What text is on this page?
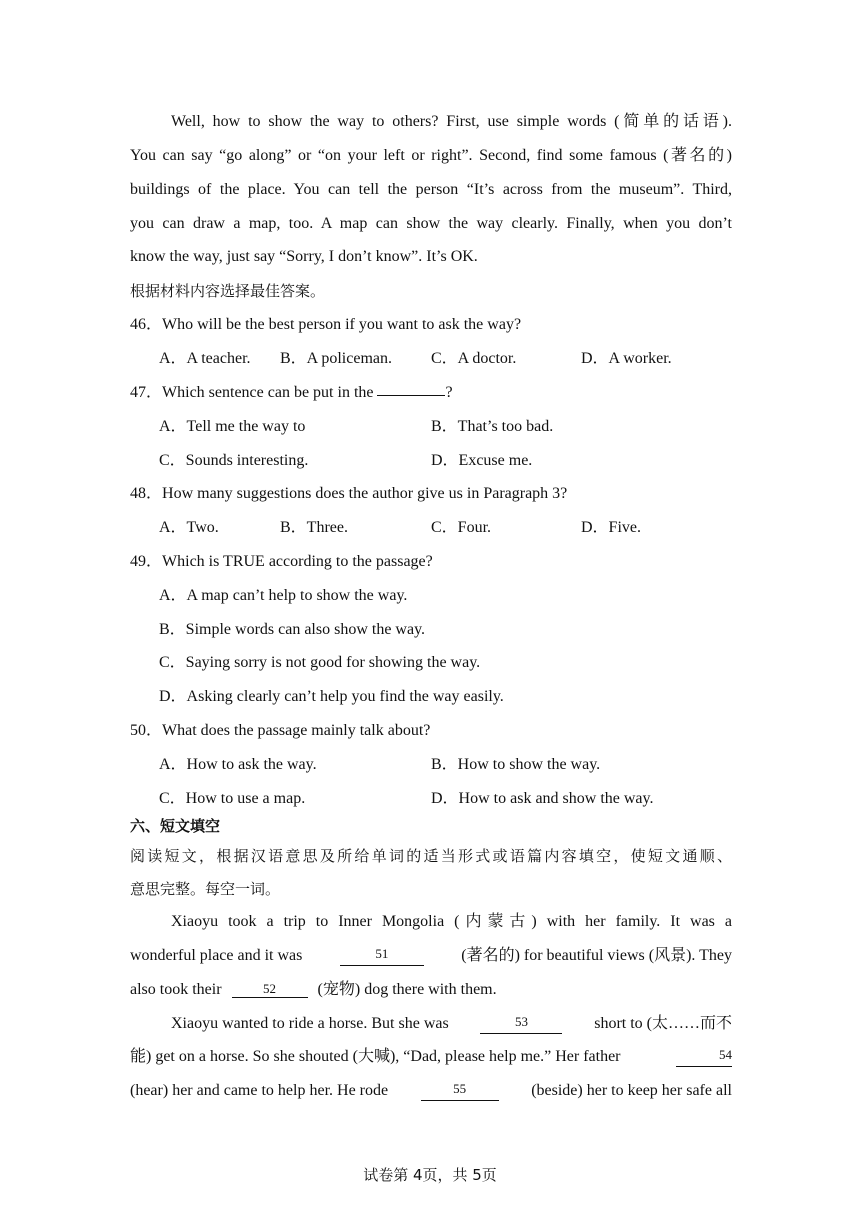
Well, how to show the way to others? First, use simple words (简单的话语).
You can say “go along” or “on your left or right”. Second, find some famous (著名的)
buildings of the place. You can tell the person “It’s across from the museum”. Third,
you can draw a map, too. A map can show the way clearly. Finally, when you don’t
know the way, just say “Sorry, I don’t know”. It’s OK.
根据材料内容选择最佳答案。
46．Who will be the best person if you want to ask the way?
A．A teacher. B．A policeman. C．A doctor.	D．A worker.
47．Which sentence can be put in the	?
A．Tell me the way to	B．That’s too bad.
C．Sounds interesting.	D．Excuse me.
48．How many suggestions does the author give us in Paragraph 3?
A．Two.	B．Three.	C．Four.	D．Five.
49．Which is TRUE according to the passage?
A．A map can’t help to show the way.
B．Simple words can also show the way.
C．Saying sorry is not good for showing the way.
D．Asking clearly can’t help you find the way easily.
50．What does the passage mainly talk about?
A．How to ask the way.	B．How to show the way.
C．How to use a map.	D．How to ask and show the way.
六、短文填空
阅读短文，根据汉语意思及所给单词的适当形式或语篇内容填空，使短文通顺、
意思完整。每空一词。
Xiaoyu took a trip to Inner Mongolia (内蒙古) with her family. It was a
wonderful place and it was	51	(著名的) for beautiful views (风景). They
also took their	52	(宠物) dog there with them.
Xiaoyu wanted to ride a horse. But she was	53	short to (太……而不
能) get on a horse. So she shouted (大喊), “Dad, please help me.” Her father	54
(hear) her and came to help her. He rode	55	(beside) her to keep her safe all
试卷第 4页，共 5页
